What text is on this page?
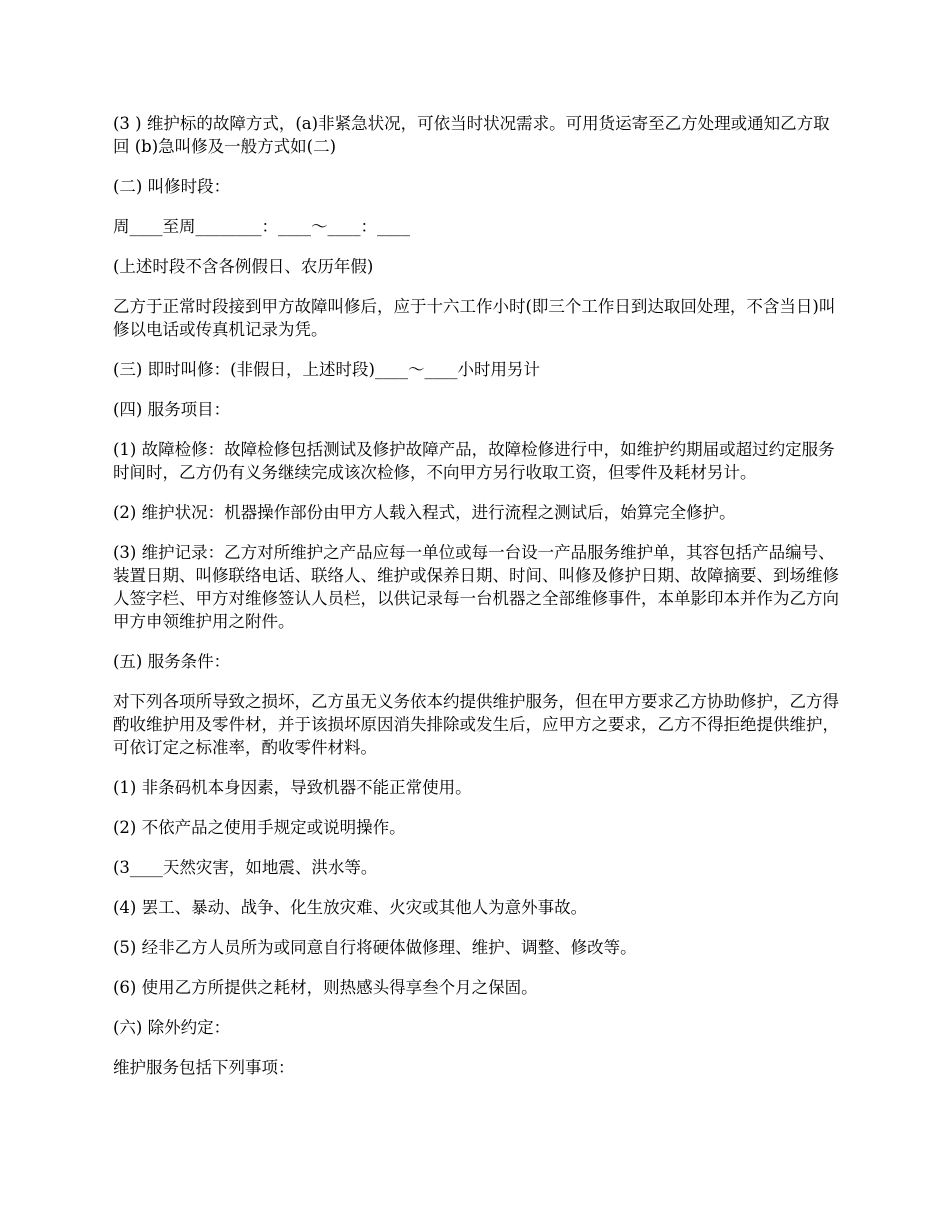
(3 ) 维护标的故障方式，(a)非紧急状况，可依当时状况需求。可用货运寄至乙方处理或通知乙方取回 (b)急叫修及一般方式如(二)

(二) 叫修时段：

周____至周________：____～____：____

(上述时段不含各例假日、农历年假)

乙方于正常时段接到甲方故障叫修后，应于十六工作小时(即三个工作日到达取回处理，不含当日)叫修以电话或传真机记录为凭。

(三) 即时叫修：(非假日，上述时段)____～____小时用另计

(四) 服务项目：

(1) 故障检修：故障检修包括测试及修护故障产品，故障检修进行中，如维护约期届或超过约定服务时间时，乙方仍有义务继续完成该次检修，不向甲方另行收取工资，但零件及耗材另计。

(2) 维护状况：机器操作部份由甲方人载入程式，进行流程之测试后，始算完全修护。

(3) 维护记录：乙方对所维护之产品应每一单位或每一台设一产品服务维护单，其容包括产品编号、装置日期、叫修联络电话、联络人、维护或保养日期、时间、叫修及修护日期、故障摘要、到场维修人签字栏、甲方对维修签认人员栏，以供记录每一台机器之全部维修事件，本单影印本并作为乙方向甲方申领维护用之附件。

(五) 服务条件：

对下列各项所导致之损坏，乙方虽无义务依本约提供维护服务，但在甲方要求乙方协助修护，乙方得酌收维护用及零件材，并于该损坏原因消失排除或发生后，应甲方之要求，乙方不得拒绝提供维护，可依订定之标准率，酌收零件材料。

(1) 非条码机本身因素，导致机器不能正常使用。

(2) 不依产品之使用手规定或说明操作。

(3____天然灾害，如地震、洪水等。

(4) 罢工、暴动、战争、化生放灾难、火灾或其他人为意外事故。

(5) 经非乙方人员所为或同意自行将硬体做修理、维护、调整、修改等。

(6) 使用乙方所提供之耗材，则热感头得享叁个月之保固。

(六) 除外约定：

维护服务包括下列事项：
